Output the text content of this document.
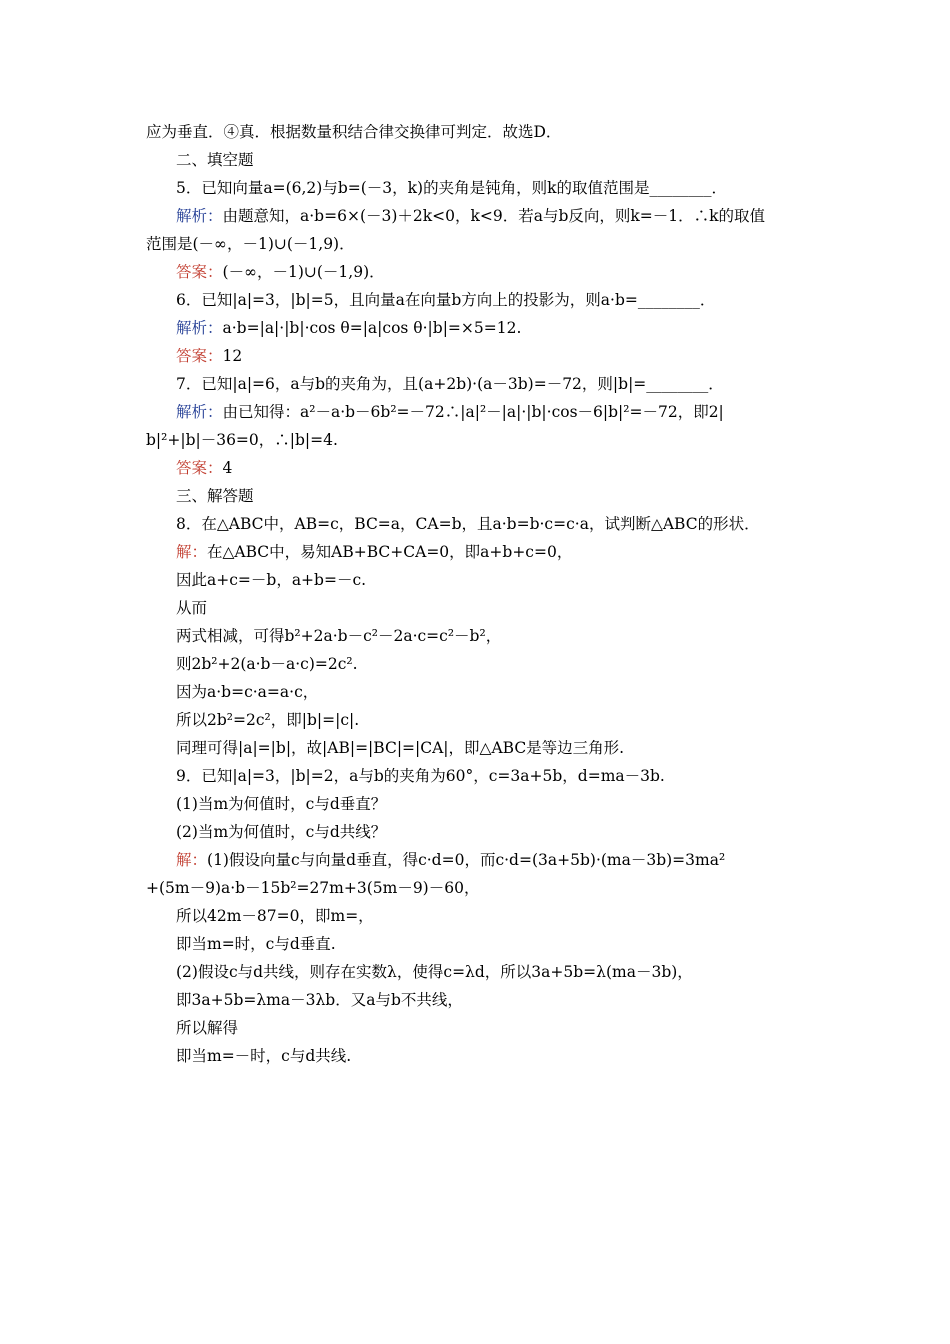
应为垂直．④真．根据数量积结合律交换律可判定．故选D．
二、填空题
5．已知向量a=(6,2)与b=(－3，k)的夹角是钝角，则k的取值范围是________．
解析：由题意知，a·b=6×(－3)＋2k<0，k<9．若a与b反向，则k=－1．∴k的取值
范围是(－∞，－1)∪(－1,9)．
答案：(－∞，－1)∪(－1,9)．
6．已知|a|=3，|b|=5，且向量a在向量b方向上的投影为，则a·b=________．
解析：a·b=|a|·|b|·cos θ=|a|cos θ·|b|=×5=12.
答案：12
7．已知|a|=6，a与b的夹角为，且(a+2b)·(a－3b)=－72，则|b|=________．
解析：由已知得：a²－a·b－6b²=－72∴|a|²－|a|·|b|·cos－6|b|²=－72，即2|
b|²+|b|－36=0，∴|b|=4.
答案：4
三、解答题
8．在△ABC中，AB=c，BC=a，CA=b，且a·b=b·c=c·a，试判断△ABC的形状．
解：在△ABC中，易知AB+BC+CA=0，即a+b+c=0，
因此a+c=－b，a+b=－c.
从而
两式相减，可得b²+2a·b－c²－2a·c=c²－b²，
则2b²+2(a·b－a·c)=2c².
因为a·b=c·a=a·c，
所以2b²=2c²，即|b|=|c|.
同理可得|a|=|b|，故|AB|=|BC|=|CA|，即△ABC是等边三角形.
9．已知|a|=3，|b|=2，a与b的夹角为60°，c=3a+5b，d=ma－3b.
(1)当m为何值时，c与d垂直？
(2)当m为何值时，c与d共线？
解：(1)假设向量c与向量d垂直，得c·d=0，而c·d=(3a+5b)·(ma－3b)=3ma²
+(5m－9)a·b－15b²=27m+3(5m－9)－60，
所以42m－87=0，即m=，
即当m=时，c与d垂直.
(2)假设c与d共线，则存在实数λ，使得c=λd，所以3a+5b=λ(ma－3b)，
即3a+5b=λma－3λb．又a与b不共线，
所以解得
即当m=－时，c与d共线.
